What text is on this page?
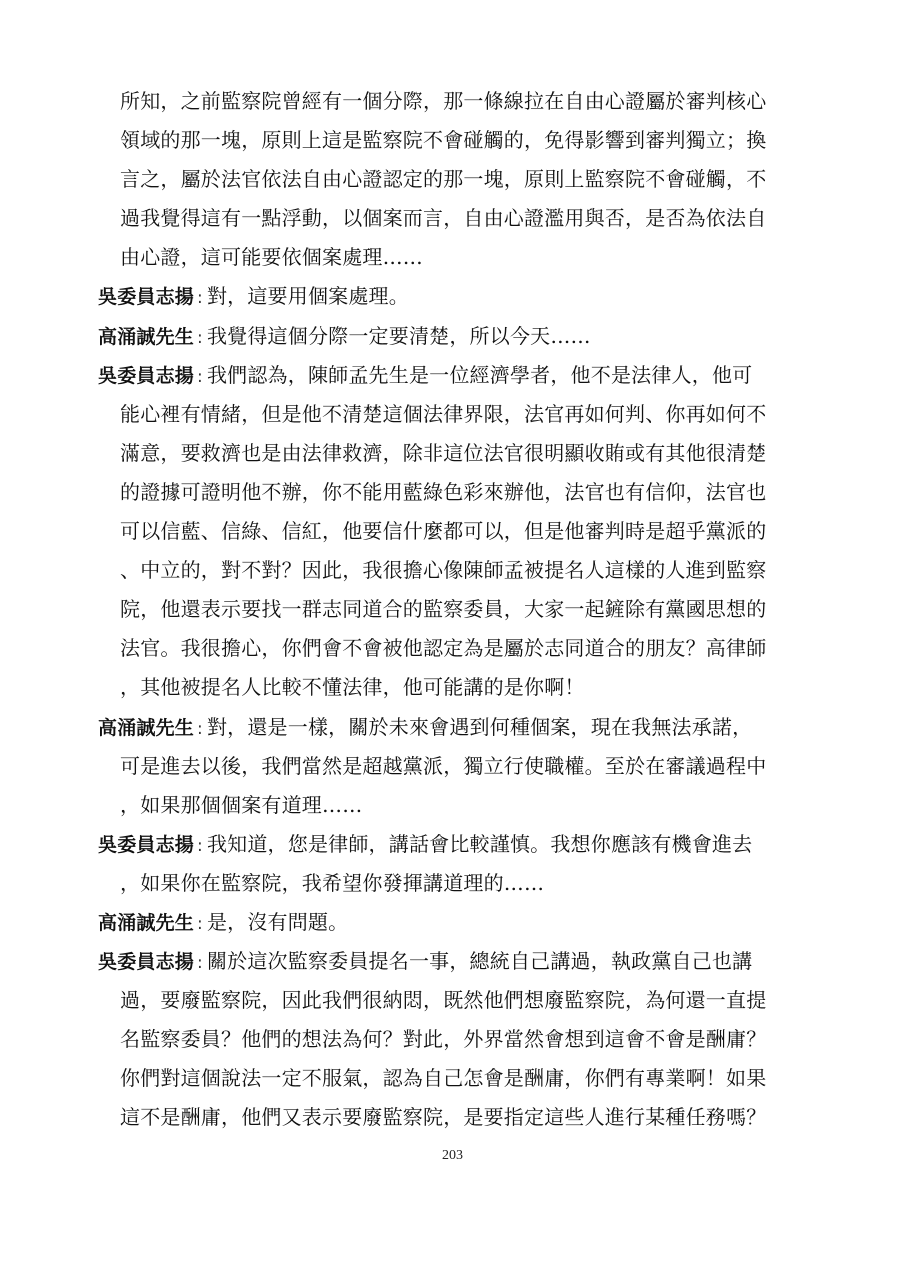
所知，之前監察院曾經有一個分際，那一條線拉在自由心證屬於審判核心
領域的那一塊，原則上這是監察院不會碰觸的，免得影響到審判獨立；換
言之，屬於法官依法自由心證認定的那一塊，原則上監察院不會碰觸，不
過我覺得這有一點浮動，以個案而言，自由心證濫用與否，是否為依法自
由心證，這可能要依個案處理……
吳委員志揚 : 對，這要用個案處理。
高涌誠先生 : 我覺得這個分際一定要清楚，所以今天……
吳委員志揚 : 我們認為，陳師孟先生是一位經濟學者，他不是法律人，他可
能心裡有情緒，但是他不清楚這個法律界限，法官再如何判、你再如何不
滿意，要救濟也是由法律救濟，除非這位法官很明顯收賄或有其他很清楚
的證據可證明他不辦，你不能用藍綠色彩來辦他，法官也有信仰，法官也
可以信藍、信綠、信紅，他要信什麼都可以，但是他審判時是超乎黨派的
、中立的，對不對？因此，我很擔心像陳師孟被提名人這樣的人進到監察
院，他還表示要找一群志同道合的監察委員，大家一起鏟除有黨國思想的
法官。我很擔心，你們會不會被他認定為是屬於志同道合的朋友？高律師
，其他被提名人比較不懂法律，他可能講的是你啊！
高涌誠先生 : 對，還是一樣，關於未來會遇到何種個案，現在我無法承諾，
可是進去以後，我們當然是超越黨派，獨立行使職權。至於在審議過程中
，如果那個個案有道理……
吳委員志揚 : 我知道，您是律師，講話會比較謹慎。我想你應該有機會進去
，如果你在監察院，我希望你發揮講道理的……
高涌誠先生 : 是，沒有問題。
吳委員志揚 : 關於這次監察委員提名一事，總統自己講過，執政黨自己也講
過，要廢監察院，因此我們很納悶，既然他們想廢監察院，為何還一直提
名監察委員？他們的想法為何？對此，外界當然會想到這會不會是酬庸？
你們對這個說法一定不服氣，認為自己怎會是酬庸，你們有專業啊！如果
這不是酬庸，他們又表示要廢監察院，是要指定這些人進行某種任務嗎？
203
